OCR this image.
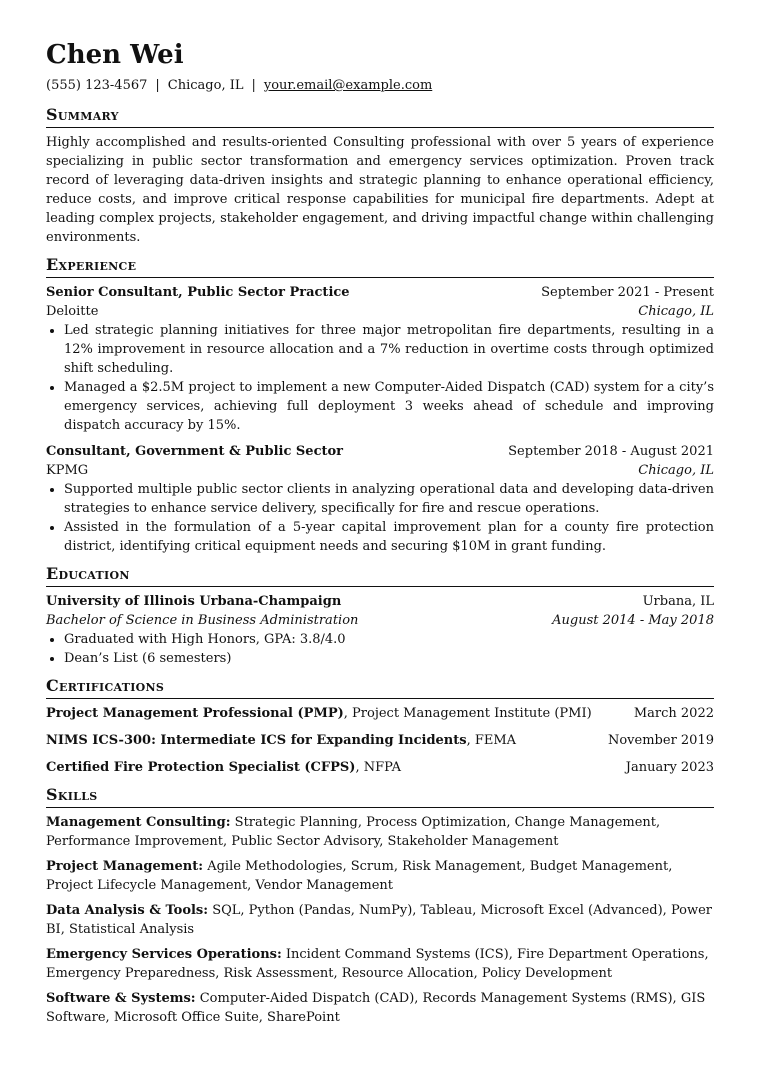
Chen Wei
(555) 123-4567 | Chicago, IL | your.email@example.com
Summary
Highly accomplished and results-oriented Consulting professional with over 5 years of experience specializing in public sector transformation and emergency services optimization. Proven track record of leveraging data-driven insights and strategic planning to enhance operational efficiency, reduce costs, and improve critical response capabilities for municipal fire departments. Adept at leading complex projects, stakeholder engagement, and driving impactful change within challenging environments.
Experience
Senior Consultant, Public Sector Practice	September 2021 - Present
Deloitte	Chicago, IL
• Led strategic planning initiatives for three major metropolitan fire departments, resulting in a 12% improvement in resource allocation and a 7% reduction in overtime costs through optimized shift scheduling.
• Managed a $2.5M project to implement a new Computer-Aided Dispatch (CAD) system for a city’s emergency services, achieving full deployment 3 weeks ahead of schedule and improving dispatch accuracy by 15%.
Consultant, Government & Public Sector	September 2018 - August 2021
KPMG	Chicago, IL
• Supported multiple public sector clients in analyzing operational data and developing data-driven strategies to enhance service delivery, specifically for fire and rescue operations.
• Assisted in the formulation of a 5-year capital improvement plan for a county fire protection district, identifying critical equipment needs and securing $10M in grant funding.
Education
University of Illinois Urbana-Champaign	Urbana, IL
Bachelor of Science in Business Administration	August 2014 - May 2018
• Graduated with High Honors, GPA: 3.8/4.0
• Dean’s List (6 semesters)
Certifications
Project Management Professional (PMP), Project Management Institute (PMI)	March 2022
NIMS ICS-300: Intermediate ICS for Expanding Incidents, FEMA	November 2019
Certified Fire Protection Specialist (CFPS), NFPA	January 2023
Skills
Management Consulting: Strategic Planning, Process Optimization, Change Management, Performance Improvement, Public Sector Advisory, Stakeholder Management
Project Management: Agile Methodologies, Scrum, Risk Management, Budget Management, Project Lifecycle Management, Vendor Management
Data Analysis & Tools: SQL, Python (Pandas, NumPy), Tableau, Microsoft Excel (Advanced), Power BI, Statistical Analysis
Emergency Services Operations: Incident Command Systems (ICS), Fire Department Operations, Emergency Preparedness, Risk Assessment, Resource Allocation, Policy Development
Software & Systems: Computer-Aided Dispatch (CAD), Records Management Systems (RMS), GIS Software, Microsoft Office Suite, SharePoint
